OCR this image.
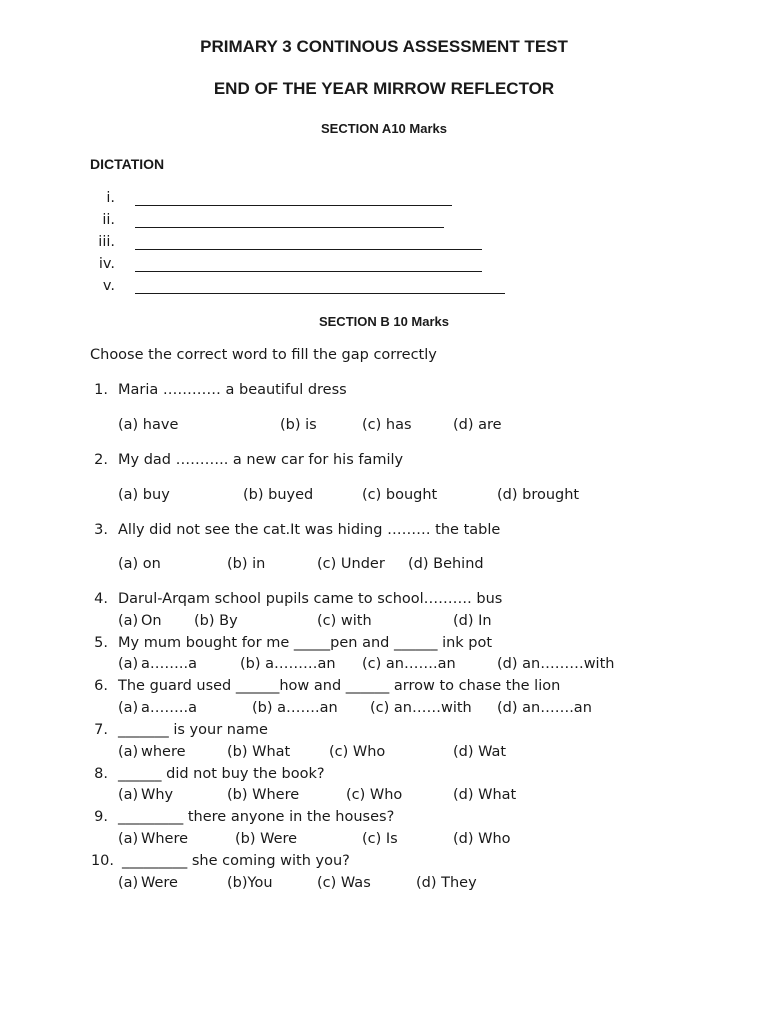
PRIMARY 3 CONTINOUS ASSESSMENT TEST
END OF THE YEAR MIRROW REFLECTOR
SECTION A10 Marks
DICTATION
i.
ii.
iii.
iv.
v.
SECTION B 10 Marks
Choose the correct word to fill the gap correctly
1. Maria ………… a beautiful dress
(a) have	(b) is	(c) has	(d) are
2. My dad ……….. a new car for his family
(a) buy	(b) buyed	(c) bought	(d) brought
3. Ally did not see the cat.It was hiding ……… the table
(a) on	(b) in	(c) Under (d) Behind
4. Darul-Arqam school pupils came to school………. bus
(a) On (b) By	(c) with	(d) In
5. My mum bought for me _____pen and ______ ink pot
(a) a……..a	(b) a………an (c) an…….an	(d) an………with
6. The guard used ______how and ______ arrow to chase the lion
(a) a……..a	(b) a…….an (c) an……with (d) an…….an
7. _______ is your name
(a) where	(b) What	(c) Who	(d) Wat
8. ______ did not buy the book?
(a) Why	(b) Where	(c) Who	(d) What
9. _________ there anyone in the houses?
(a) Where	(b) Were	(c) Is	(d) Who
10. _________ she coming with you?
(a) Were	(b)You	(c) Was	(d) They
